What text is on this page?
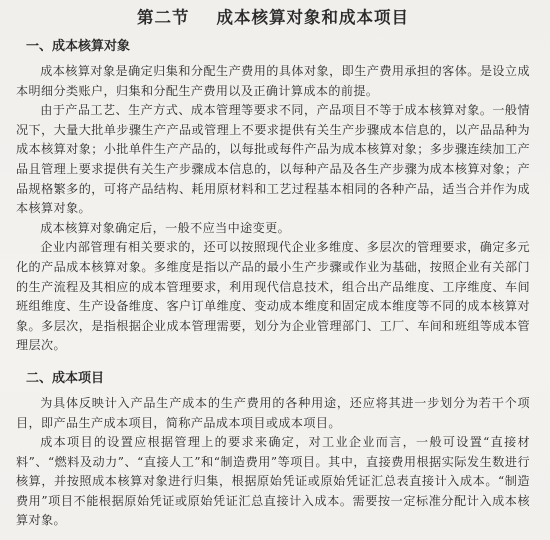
第二节    成本核算对象和成本项目
一、成本核算对象

成本核算对象是确定归集和分配生产费用的具体对象，即生产费用承担的客体。是设立成本明细分类账户，归集和分配生产费用以及正确计算成本的前提。

由于产品工艺、生产方式、成本管理等要求不同，产品项目不等于成本核算对象。一般情况下，大量大批单步骤生产产品或管理上不要求提供有关生产步骤成本信息的，以产品品种为成本核算对象；小批单件生产产品的，以每批或每件产品为成本核算对象；多步骤连续加工产品且管理上要求提供有关生产步骤成本信息的，以每种产品及各生产步骤为成本核算对象；产品规格繁多的，可将产品结构、耗用原材料和工艺过程基本相同的各种产品，适当合并作为成本核算对象。

成本核算对象确定后，一般不应当中途变更。

企业内部管理有相关要求的，还可以按照现代企业多维度、多层次的管理要求，确定多元化的产品成本核算对象。多维度是指以产品的最小生产步骤或作业为基础，按照企业有关部门的生产流程及其相应的成本管理要求，利用现代信息技术，组合出产品维度、工序维度、车间班组维度、生产设备维度、客户订单维度、变动成本维度和固定成本维度等不同的成本核算对象。多层次，是指根据企业成本管理需要，划分为企业管理部门、工厂、车间和班组等成本管理层次。

二、成本项目

为具体反映计入产品生产成本的生产费用的各种用途，还应将其进一步划分为若干个项目，即产品生产成本项目，简称产品成本项目或成本项目。

成本项目的设置应根据管理上的要求来确定，对工业企业而言，一般可设置“直接材料”、“燃料及动力”、“直接人工”和“制造费用”等项目。其中，直接费用根据实际发生数进行核算，并按照成本核算对象进行归集，根据原始凭证或原始凭证汇总表直接计入成本。“制造费用”项目不能根据原始凭证或原始凭证汇总直接计入成本。需要按一定标准分配计入成本核算对象。
